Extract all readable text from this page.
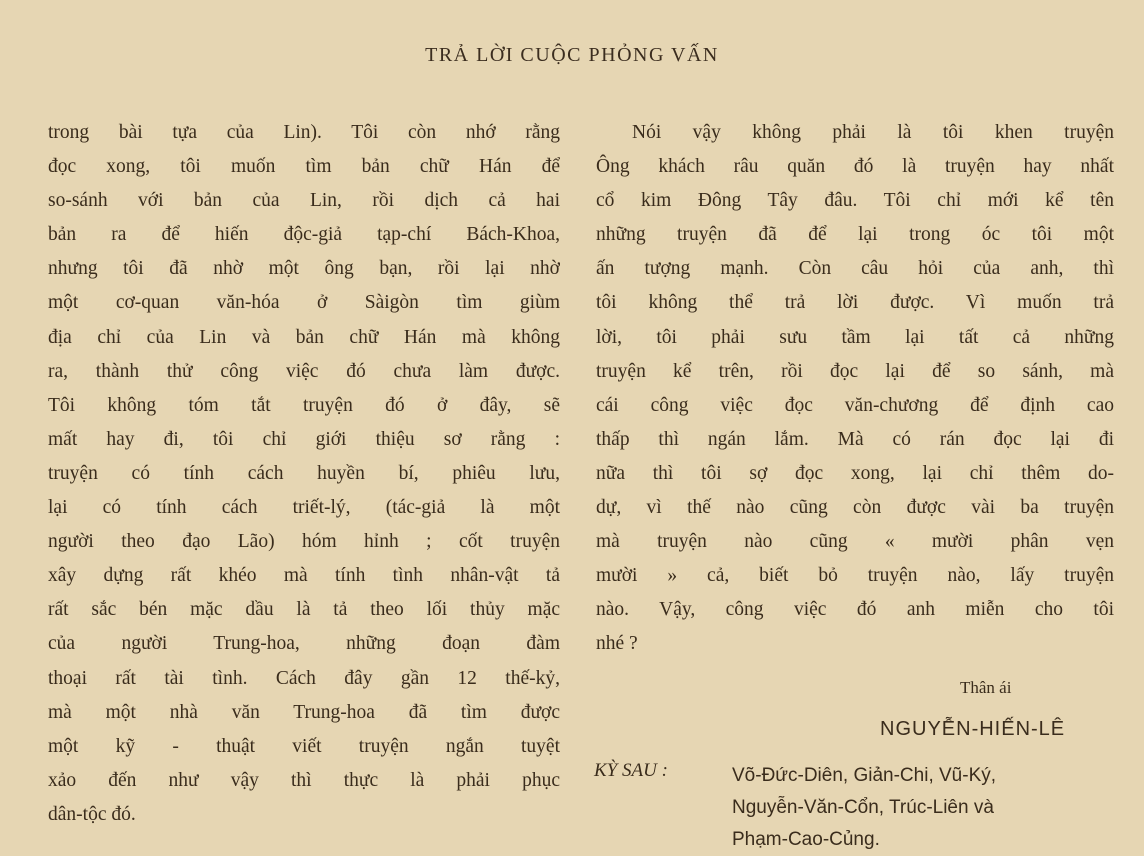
TRẢ LỜI CUỘC PHỎNG VẤN
trong bài tựa của Lin). Tôi còn nhớ rằng
đọc xong, tôi muốn tìm bản chữ Hán để
so-sánh với bản của Lin, rồi dịch cả hai
bản ra để hiến độc-giả tạp-chí Bách-Khoa,
nhưng tôi đã nhờ một ông bạn, rồi lại nhờ
một cơ-quan văn-hóa ở Sàigòn tìm giùm
địa chỉ của Lin và bản chữ Hán mà không
ra, thành thử công việc đó chưa làm được.
Tôi không tóm tắt truyện đó ở đây, sẽ
mất hay đi, tôi chỉ giới thiệu sơ rằng :
truyện có tính cách huyền bí, phiêu lưu,
lại có tính cách triết-lý, (tác-giả là một
người theo đạo Lão) hóm hỉnh ; cốt truyện
xây dựng rất khéo mà tính tình nhân-vật tả
rất sắc bén mặc dầu là tả theo lối thủy mặc
của người Trung-hoa, những đoạn đàm
thoại rất tài tình. Cách đây gần 12 thế-kỷ,
mà một nhà văn Trung-hoa đã tìm được
một kỹ - thuật viết truyện ngắn tuyệt
xảo đến như vậy thì thực là phải phục
dân-tộc đó.
Nói vậy không phải là tôi khen truyện
Ông khách râu quăn đó là truyện hay nhất
cổ kim Đông Tây đâu. Tôi chỉ mới kể tên
những truyện đã để lại trong óc tôi một
ấn tượng mạnh. Còn câu hỏi của anh, thì
tôi không thể trả lời được. Vì muốn trả
lời, tôi phải sưu tầm lại tất cả những
truyện kể trên, rồi đọc lại để so sánh, mà
cái công việc đọc văn-chương để định cao
thấp thì ngán lắm. Mà có rán đọc lại đi
nữa thì tôi sợ đọc xong, lại chỉ thêm do-
dự, vì thế nào cũng còn được vài ba truyện
mà truyện nào cũng « mười phân vẹn
mười » cả, biết bỏ truyện nào, lấy truyện
nào. Vậy, công việc đó anh miễn cho tôi
nhé ?
Thân ái
NGUYỄN-HIẾN-LÊ
KỲ SAU :	Võ-Đức-Diên, Giản-Chi, Vũ-Ký,
Nguyễn-Văn-Cổn, Trúc-Liên và
Phạm-Cao-Củng.
